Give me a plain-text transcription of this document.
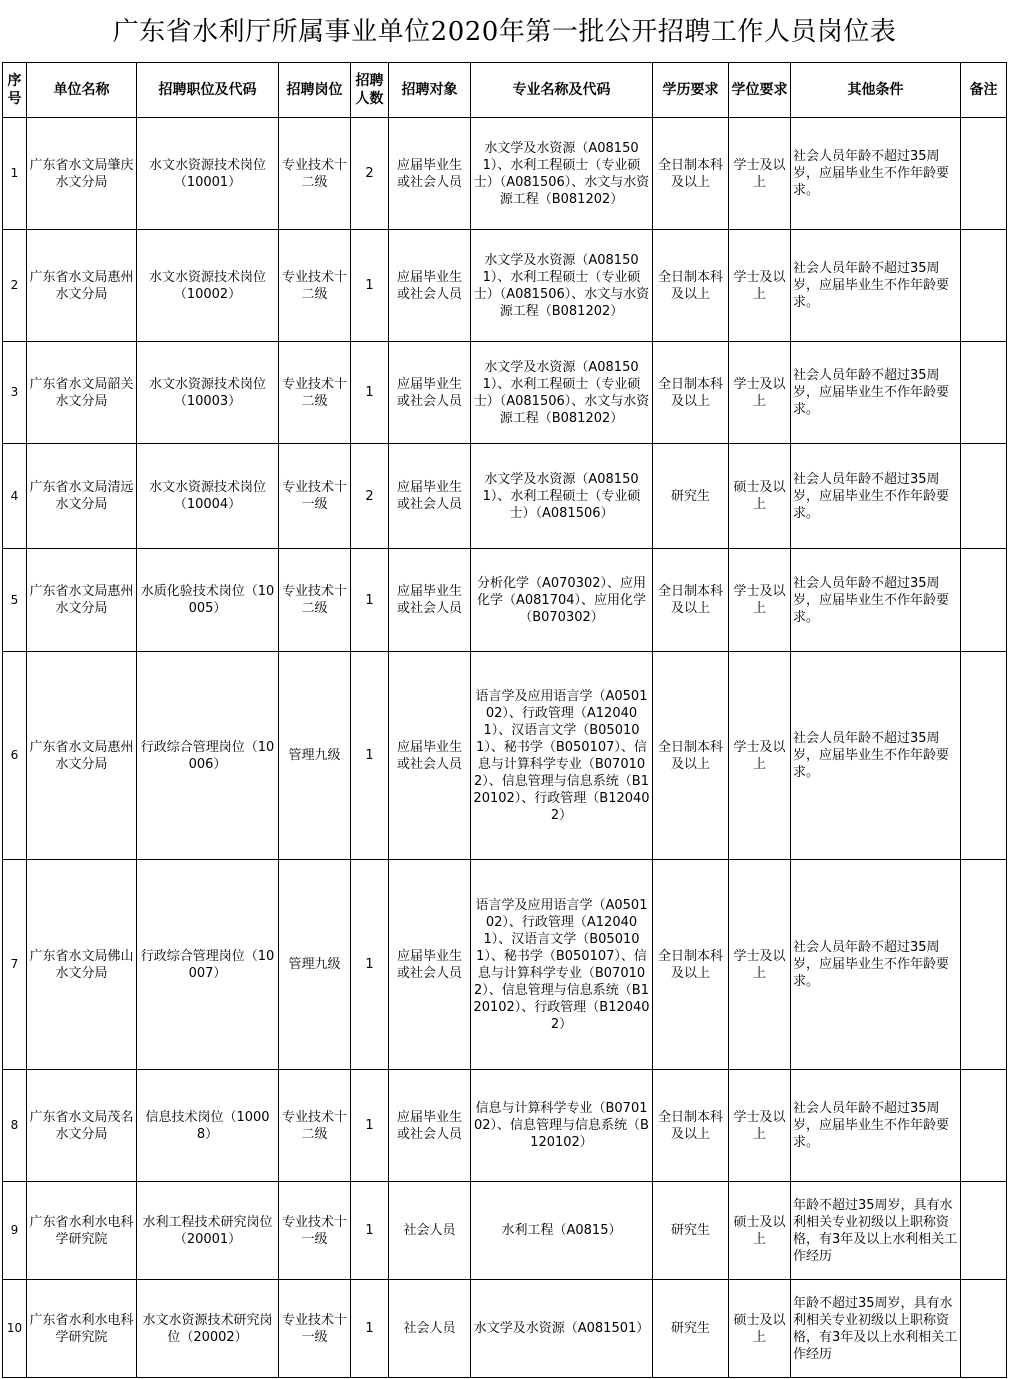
广东省水利厅所属事业单位2020年第一批公开招聘工作人员岗位表
序号	单位名称	招聘职位及代码	招聘岗位	招聘人数	招聘对象	专业名称及代码	学历要求	学位要求	其他条件	备注
1	广东省水文局肇庆水文分局	水文水资源技术岗位（10001）	专业技术十二级	2	应届毕业生或社会人员	水文学及水资源（A081501）、水利工程硕士（专业硕士）（A081506）、水文与水资源工程（B081202）	全日制本科及以上	学士及以上	社会人员年龄不超过35周岁，应届毕业生不作年龄要求。	
2	广东省水文局惠州水文分局	水文水资源技术岗位（10002）	专业技术十二级	1	应届毕业生或社会人员	水文学及水资源（A081501）、水利工程硕士（专业硕士）（A081506）、水文与水资源工程（B081202）	全日制本科及以上	学士及以上	社会人员年龄不超过35周岁，应届毕业生不作年龄要求。	
3	广东省水文局韶关水文分局	水文水资源技术岗位（10003）	专业技术十二级	1	应届毕业生或社会人员	水文学及水资源（A081501）、水利工程硕士（专业硕士）（A081506）、水文与水资源工程（B081202）	全日制本科及以上	学士及以上	社会人员年龄不超过35周岁，应届毕业生不作年龄要求。	
4	广东省水文局清远水文分局	水文水资源技术岗位（10004）	专业技术十一级	2	应届毕业生或社会人员	水文学及水资源（A081501）、水利工程硕士（专业硕士）（A081506）	研究生	硕士及以上	社会人员年龄不超过35周岁，应届毕业生不作年龄要求。	
5	广东省水文局惠州水文分局	水质化验技术岗位（10005）	专业技术十二级	1	应届毕业生或社会人员	分析化学（A070302）、应用化学（A081704）、应用化学（B070302）	全日制本科及以上	学士及以上	社会人员年龄不超过35周岁，应届毕业生不作年龄要求。	
6	广东省水文局惠州水文分局	行政综合管理岗位（10006）	管理九级	1	应届毕业生或社会人员	语言学及应用语言学（A050102）、行政管理（A120401）、汉语言文学（B050101）、秘书学（B050107）、信息与计算科学专业（B070102）、信息管理与信息系统（B120102）、行政管理（B120402）	全日制本科及以上	学士及以上	社会人员年龄不超过35周岁，应届毕业生不作年龄要求。	
7	广东省水文局佛山水文分局	行政综合管理岗位（10007）	管理九级	1	应届毕业生或社会人员	语言学及应用语言学（A050102）、行政管理（A120401）、汉语言文学（B050101）、秘书学（B050107）、信息与计算科学专业（B070102）、信息管理与信息系统（B120102）、行政管理（B120402）	全日制本科及以上	学士及以上	社会人员年龄不超过35周岁，应届毕业生不作年龄要求。	
8	广东省水文局茂名水文分局	信息技术岗位（10008）	专业技术十二级	1	应届毕业生或社会人员	信息与计算科学专业（B070102）、信息管理与信息系统（B120102）	全日制本科及以上	学士及以上	社会人员年龄不超过35周岁，应届毕业生不作年龄要求。	
9	广东省水利水电科学研究院	水利工程技术研究岗位（20001）	专业技术十一级	1	社会人员	水利工程（A0815）	研究生	硕士及以上	年龄不超过35周岁，具有水利相关专业初级以上职称资格，有3年及以上水利相关工作经历	
10	广东省水利水电科学研究院	水文水资源技术研究岗位（20002）	专业技术十一级	1	社会人员	水文学及水资源（A081501）	研究生	硕士及以上	年龄不超过35周岁，具有水利相关专业初级以上职称资格，有3年及以上水利相关工作经历	
